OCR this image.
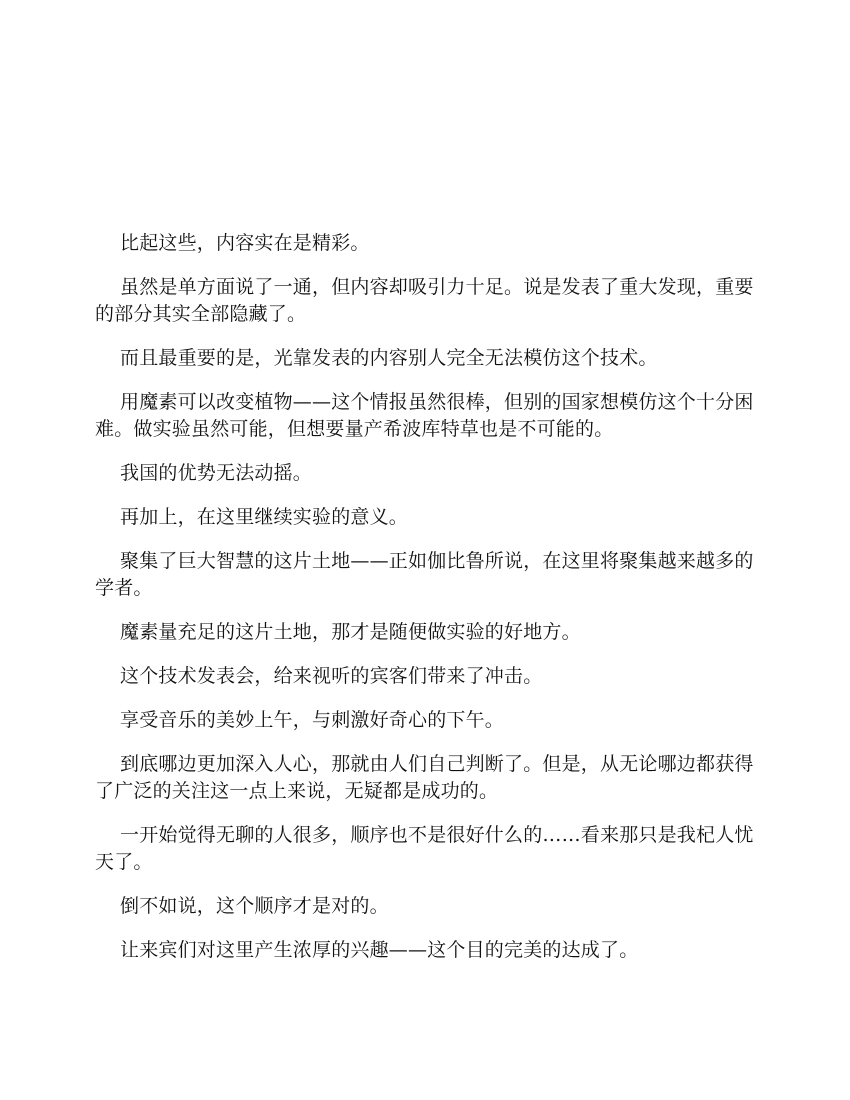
比起这些，内容实在是精彩。

虽然是单方面说了一通，但内容却吸引力十足。说是发表了重大发现，重要的部分其实全部隐藏了。

而且最重要的是，光靠发表的内容别人完全无法模仿这个技术。

用魔素可以改变植物——这个情报虽然很棒，但别的国家想模仿这个十分困难。做实验虽然可能，但想要量产希波库特草也是不可能的。

我国的优势无法动摇。

再加上，在这里继续实验的意义。

聚集了巨大智慧的这片土地——正如伽比鲁所说，在这里将聚集越来越多的学者。

魔素量充足的这片土地，那才是随便做实验的好地方。

这个技术发表会，给来视听的宾客们带来了冲击。

享受音乐的美妙上午，与刺激好奇心的下午。

到底哪边更加深入人心，那就由人们自己判断了。但是，从无论哪边都获得了广泛的关注这一点上来说，无疑都是成功的。

一开始觉得无聊的人很多，顺序也不是很好什么的……看来那只是我杞人忧天了。

倒不如说，这个顺序才是对的。

让来宾们对这里产生浓厚的兴趣——这个目的完美的达成了。
